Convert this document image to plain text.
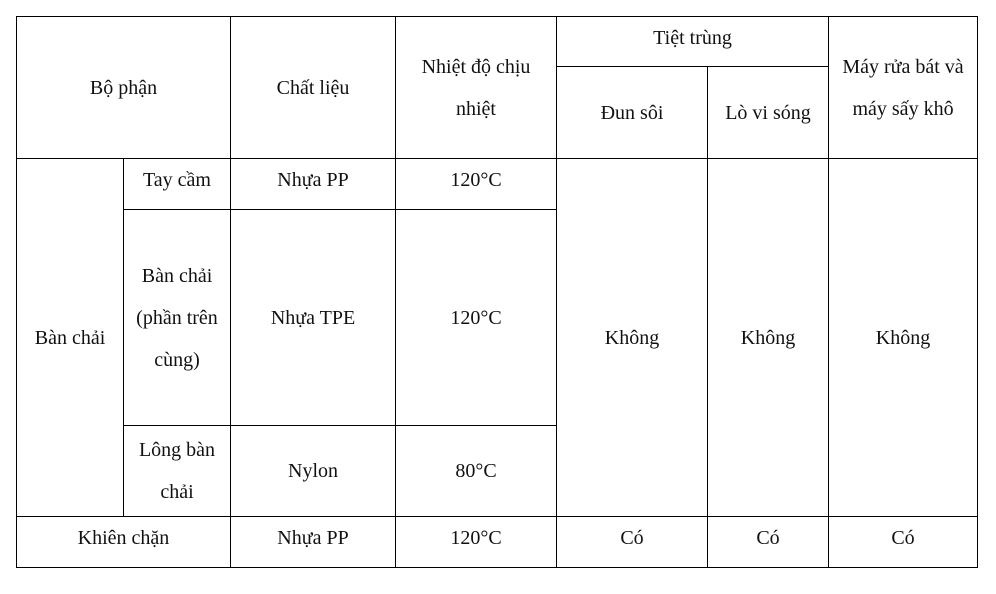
Bộ phận		Chất liệu	Nhiệt độ chịu nhiệt	Tiệt trùng		Máy rửa bát và máy sấy khô
				Đun sôi	Lò vi sóng	
Bàn chải	Tay cầm	Nhựa PP	120°C	Không	Không	Không
	Bàn chải (phần trên cùng)	Nhựa TPE	120°C			
	Lông bàn chải	Nylon	80°C			
Khiên chặn		Nhựa PP	120°C	Có	Có	Có
